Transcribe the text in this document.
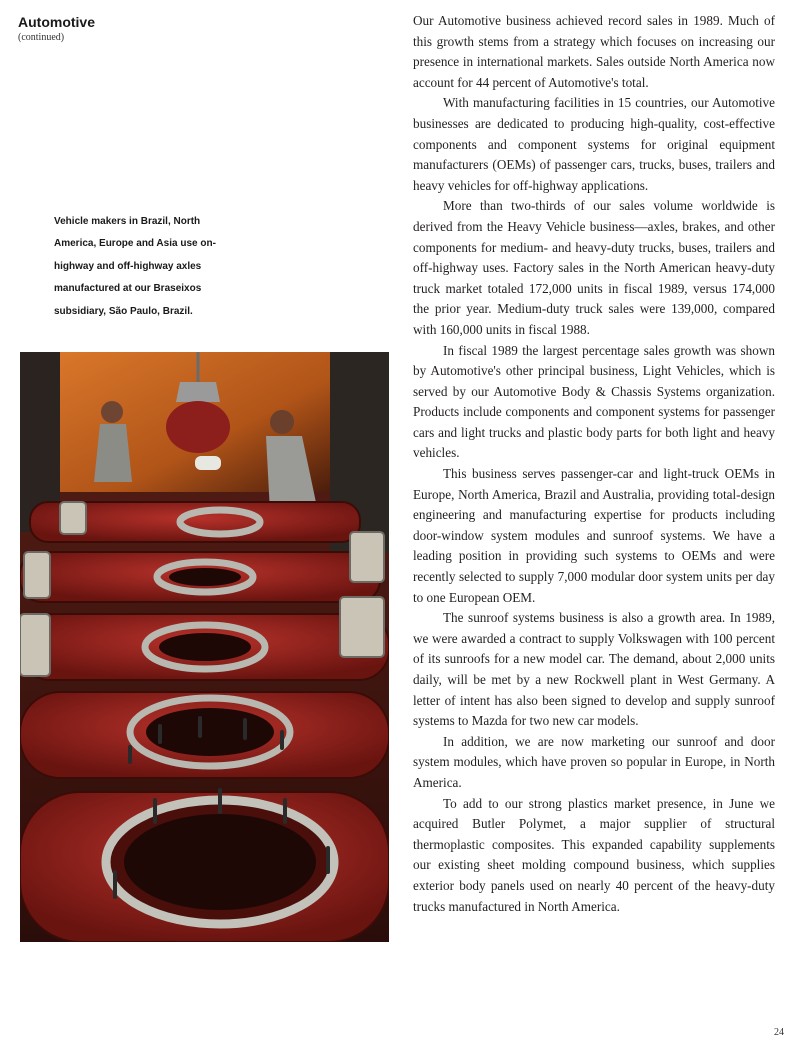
Automotive
(continued)
Vehicle makers in Brazil, North America, Europe and Asia use on-highway and off-highway axles manufactured at our Braseixos subsidiary, São Paulo, Brazil.

Our Automotive business achieved record sales in 1989. Much of this growth stems from a strategy which focuses on increasing our presence in international markets. Sales outside North America now account for 44 percent of Automotive's total.

With manufacturing facilities in 15 countries, our Automotive businesses are dedicated to producing high-quality, cost-effective components and component systems for original equipment manufacturers (OEMs) of passenger cars, trucks, buses, trailers and heavy vehicles for off-highway applications.

More than two-thirds of our sales volume worldwide is derived from the Heavy Vehicle business—axles, brakes, and other components for medium- and heavy-duty trucks, buses, trailers and off-highway uses. Factory sales in the North American heavy-duty truck market totaled 172,000 units in fiscal 1989, versus 174,000 the prior year. Medium-duty truck sales were 139,000, compared with 160,000 units in fiscal 1988.

In fiscal 1989 the largest percentage sales growth was shown by Automotive's other principal business, Light Vehicles, which is served by our Automotive Body & Chassis Systems organization. Products include components and component systems for passenger cars and light trucks and plastic body parts for both light and heavy vehicles.

This business serves passenger-car and light-truck OEMs in Europe, North America, Brazil and Australia, providing total-design engineering and manufacturing expertise for products including door-window system modules and sunroof systems. We have a leading position in providing such systems to OEMs and were recently selected to supply 7,000 modular door system units per day to one European OEM.

The sunroof systems business is also a growth area. In 1989, we were awarded a contract to supply Volkswagen with 100 percent of its sunroofs for a new model car. The demand, about 2,000 units daily, will be met by a new Rockwell plant in West Germany. A letter of intent has also been signed to develop and supply sunroof systems to Mazda for two new car models.

In addition, we are now marketing our sunroof and door system modules, which have proven so popular in Europe, in North America.

To add to our strong plastics market presence, in June we acquired Butler Polymet, a major supplier of structural thermoplastic composites. This expanded capability supplements our existing sheet molding compound business, which supplies exterior body panels used on nearly 40 percent of the heavy-duty trucks manufactured in North America.

24
